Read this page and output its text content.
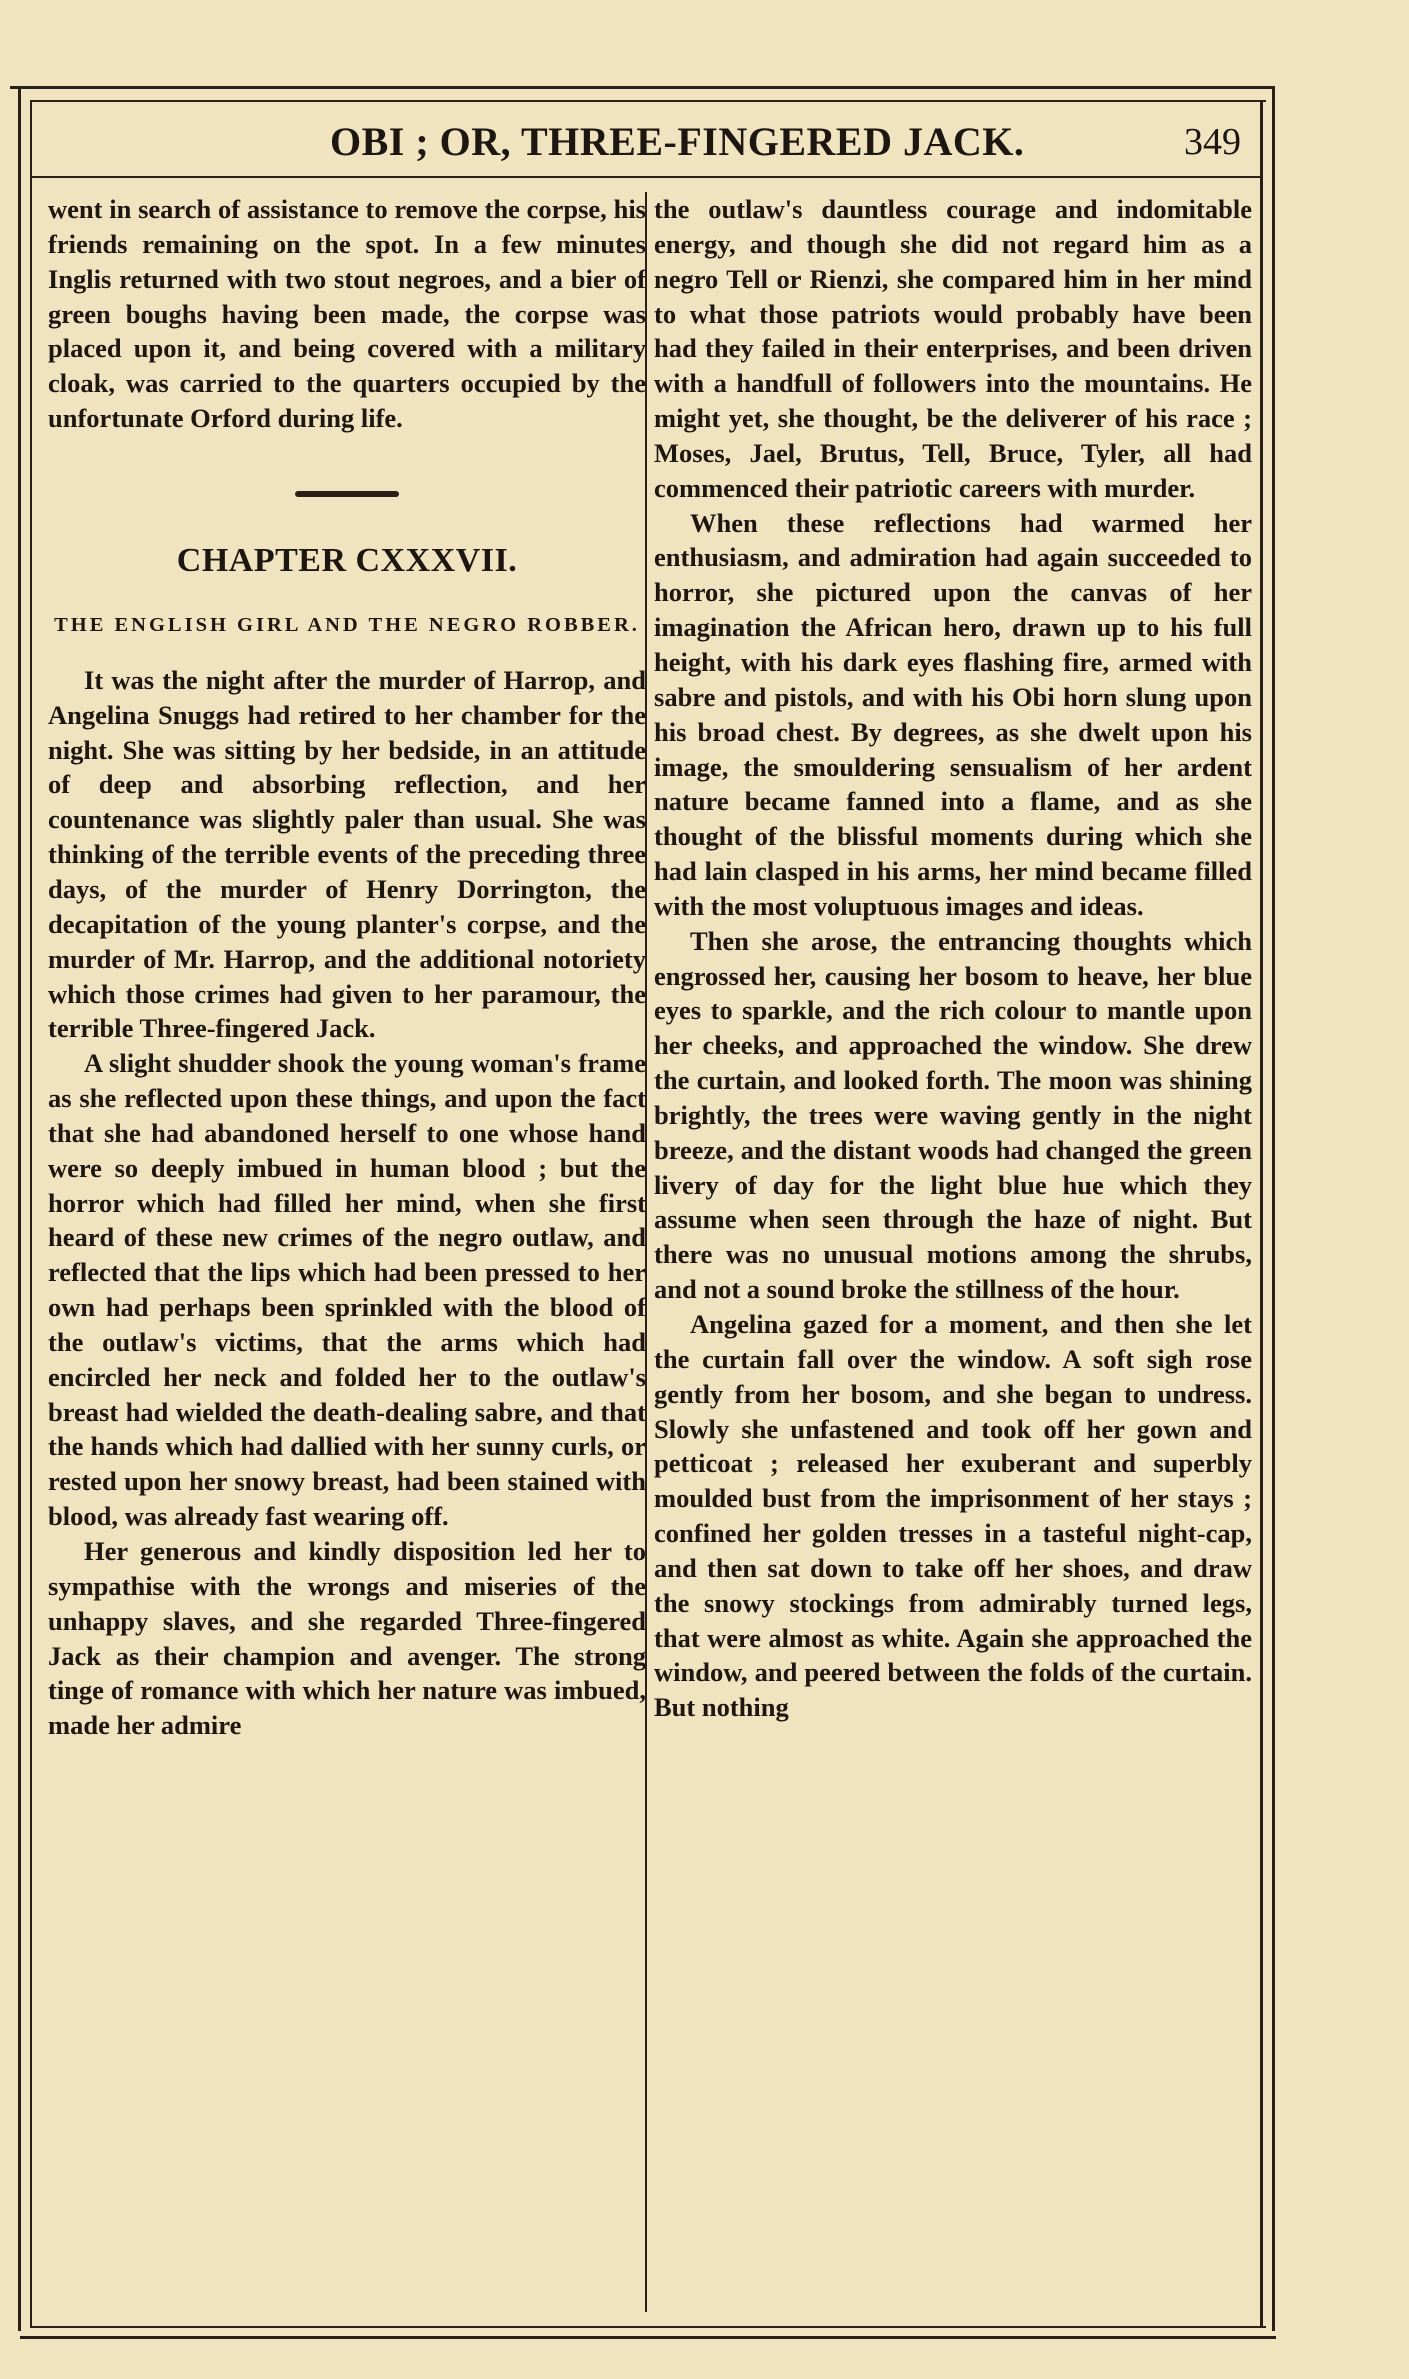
OBI ; OR, THREE-FINGERED JACK.	349

went in search of assistance to remove the corpse, his friends remaining on the spot. In a few minutes Inglis returned with two stout negroes, and a bier of green boughs having been made, the corpse was placed upon it, and being covered with a military cloak, was carried to the quarters occupied by the unfortunate Orford during life.

CHAPTER CXXXVII.
THE ENGLISH GIRL AND THE NEGRO ROBBER.

It was the night after the murder of Harrop, and Angelina Snuggs had retired to her chamber for the night. She was sitting by her bedside, in an attitude of deep and absorbing reflection, and her countenance was slightly paler than usual. She was thinking of the terrible events of the preceding three days, of the murder of Henry Dorrington, the decapitation of the young planter's corpse, and the murder of Mr. Harrop, and the additional notoriety which those crimes had given to her paramour, the terrible Three-fingered Jack.

A slight shudder shook the young woman's frame as she reflected upon these things, and upon the fact that she had abandoned herself to one whose hand were so deeply imbued in human blood ; but the horror which had filled her mind, when she first heard of these new crimes of the negro outlaw, and reflected that the lips which had been pressed to her own had perhaps been sprinkled with the blood of the outlaw's victims, that the arms which had encircled her neck and folded her to the outlaw's breast had wielded the death-dealing sabre, and that the hands which had dallied with her sunny curls, or rested upon her snowy breast, had been stained with blood, was already fast wearing off.

Her generous and kindly disposition led her to sympathise with the wrongs and miseries of the unhappy slaves, and she regarded Three-fingered Jack as their champion and avenger. The strong tinge of romance with which her nature was imbued, made her admire

the outlaw's dauntless courage and indomitable energy, and though she did not regard him as a negro Tell or Rienzi, she compared him in her mind to what those patriots would probably have been had they failed in their enterprises, and been driven with a handfull of followers into the mountains. He might yet, she thought, be the deliverer of his race ; Moses, Jael, Brutus, Tell, Bruce, Tyler, all had commenced their patriotic careers with murder.

When these reflections had warmed her enthusiasm, and admiration had again succeeded to horror, she pictured upon the canvas of her imagination the African hero, drawn up to his full height, with his dark eyes flashing fire, armed with sabre and pistols, and with his Obi horn slung upon his broad chest. By degrees, as she dwelt upon his image, the smouldering sensualism of her ardent nature became fanned into a flame, and as she thought of the blissful moments during which she had lain clasped in his arms, her mind became filled with the most voluptuous images and ideas.

Then she arose, the entrancing thoughts which engrossed her, causing her bosom to heave, her blue eyes to sparkle, and the rich colour to mantle upon her cheeks, and approached the window. She drew the curtain, and looked forth. The moon was shining brightly, the trees were waving gently in the night breeze, and the distant woods had changed the green livery of day for the light blue hue which they assume when seen through the haze of night. But there was no unusual motions among the shrubs, and not a sound broke the stillness of the hour.

Angelina gazed for a moment, and then she let the curtain fall over the window. A soft sigh rose gently from her bosom, and she began to undress. Slowly she unfastened and took off her gown and petticoat ; released her exuberant and superbly moulded bust from the imprisonment of her stays ; confined her golden tresses in a tasteful night-cap, and then sat down to take off her shoes, and draw the snowy stockings from admirably turned legs, that were almost as white. Again she approached the window, and peered between the folds of the curtain. But nothing
